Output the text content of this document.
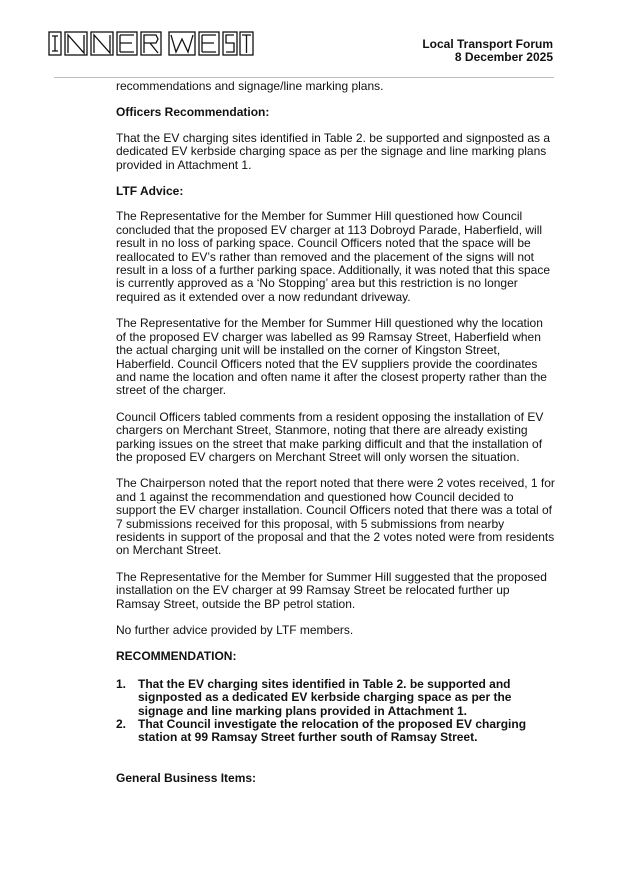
Local Transport Forum
8 December 2025

recommendations and signage/line marking plans.

Officers Recommendation:

That the EV charging sites identified in Table 2. be supported and signposted as a dedicated EV kerbside charging space as per the signage and line marking plans provided in Attachment 1.

LTF Advice:

The Representative for the Member for Summer Hill questioned how Council concluded that the proposed EV charger at 113 Dobroyd Parade, Haberfield, will result in no loss of parking space. Council Officers noted that the space will be reallocated to EV’s rather than removed and the placement of the signs will not result in a loss of a further parking space. Additionally, it was noted that this space is currently approved as a ‘No Stopping’ area but this restriction is no longer required as it extended over a now redundant driveway.

The Representative for the Member for Summer Hill questioned why the location of the proposed EV charger was labelled as 99 Ramsay Street, Haberfield when the actual charging unit will be installed on the corner of Kingston Street, Haberfield. Council Officers noted that the EV suppliers provide the coordinates and name the location and often name it after the closest property rather than the street of the charger.

Council Officers tabled comments from a resident opposing the installation of EV chargers on Merchant Street, Stanmore, noting that there are already existing parking issues on the street that make parking difficult and that the installation of the proposed EV chargers on Merchant Street will only worsen the situation.

The Chairperson noted that the report noted that there were 2 votes received, 1 for and 1 against the recommendation and questioned how Council decided to support the EV charger installation. Council Officers noted that there was a total of 7 submissions received for this proposal, with 5 submissions from nearby residents in support of the proposal and that the 2 votes noted were from residents on Merchant Street.

The Representative for the Member for Summer Hill suggested that the proposed installation on the EV charger at 99 Ramsay Street be relocated further up Ramsay Street, outside the BP petrol station.

No further advice provided by LTF members.

RECOMMENDATION:

1. That the EV charging sites identified in Table 2. be supported and signposted as a dedicated EV kerbside charging space as per the signage and line marking plans provided in Attachment 1.
2. That Council investigate the relocation of the proposed EV charging station at 99 Ramsay Street further south of Ramsay Street.

General Business Items:
